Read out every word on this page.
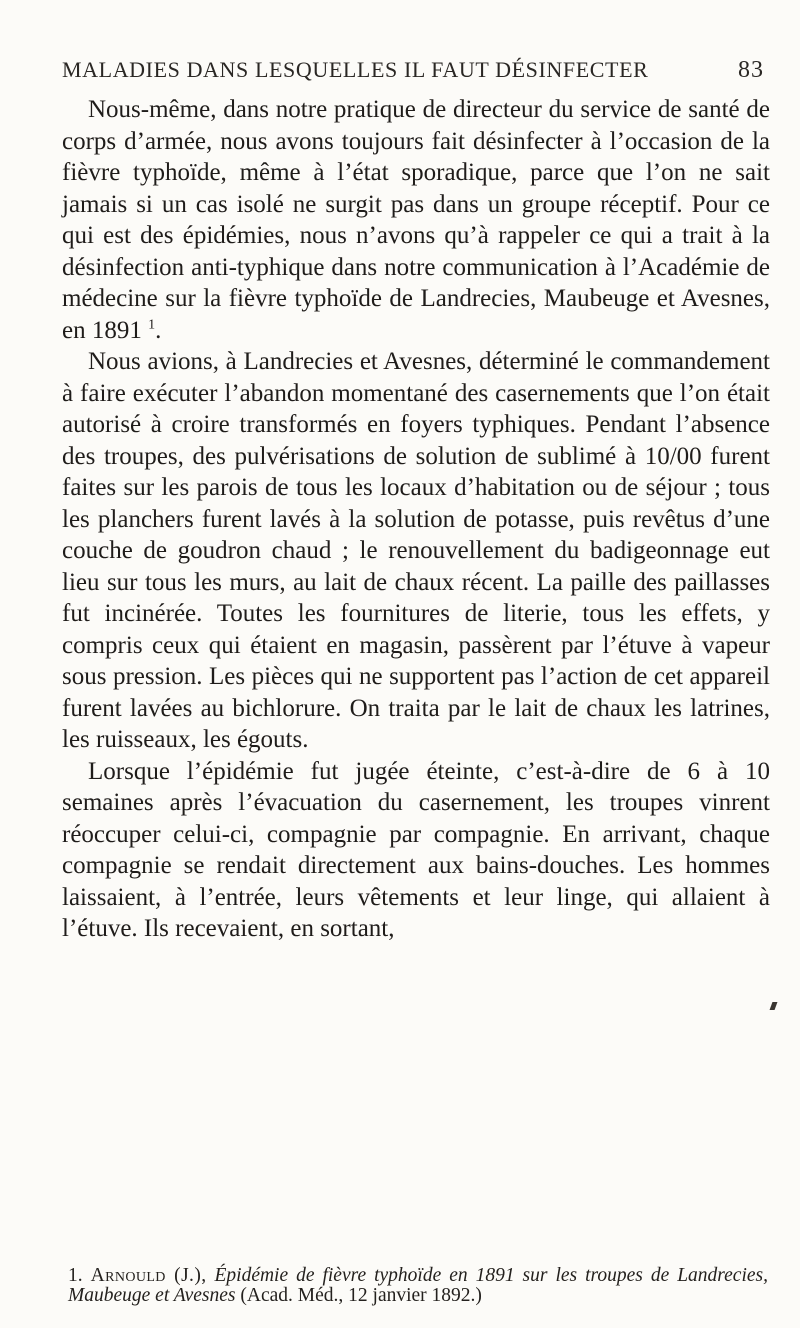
MALADIES DANS LESQUELLES IL FAUT DÉSINFECTER	83

Nous-même, dans notre pratique de directeur du service de santé de corps d’armée, nous avons toujours fait désinfecter à l’occasion de la fièvre typhoïde, même à l’état sporadique, parce que l’on ne sait jamais si un cas isolé ne surgit pas dans un groupe réceptif. Pour ce qui est des épidémies, nous n’avons qu’à rappeler ce qui a trait à la désinfection anti-typhique dans notre communication à l’Académie de médecine sur la fièvre typhoïde de Landrecies, Maubeuge et Avesnes, en 1891 $^1$.

Nous avions, à Landrecies et Avesnes, déterminé le commandement à faire exécuter l’abandon momentané des casernements que l’on était autorisé à croire transformés en foyers typhiques. Pendant l’absence des troupes, des pulvérisations de solution de sublimé à 10/00 furent faites sur les parois de tous les locaux d’habitation ou de séjour ; tous les planchers furent lavés à la solution de potasse, puis revêtus d’une couche de goudron chaud ; le renouvellement du badigeonnage eut lieu sur tous les murs, au lait de chaux récent. La paille des paillasses fut incinérée. Toutes les fournitures de literie, tous les effets, y compris ceux qui étaient en magasin, passèrent par l’étuve à vapeur sous pression. Les pièces qui ne supportent pas l’action de cet appareil furent lavées au bichlorure. On traita par le lait de chaux les latrines, les ruisseaux, les égouts.

Lorsque l’épidémie fut jugée éteinte, c’est-à-dire de 6 à 10 semaines après l’évacuation du casernement, les troupes vinrent réoccuper celui-ci, compagnie par compagnie. En arrivant, chaque compagnie se rendait directement aux bains-douches. Les hommes laissaient, à l’entrée, leurs vêtements et leur linge, qui allaient à l’étuve. Ils recevaient, en sortant,

1. Arnould (J.), Épidémie de fièvre typhoïde en 1891 sur les troupes de Landrecies, Maubeuge et Avesnes (Acad. Méd., 12 janvier 1892.)
